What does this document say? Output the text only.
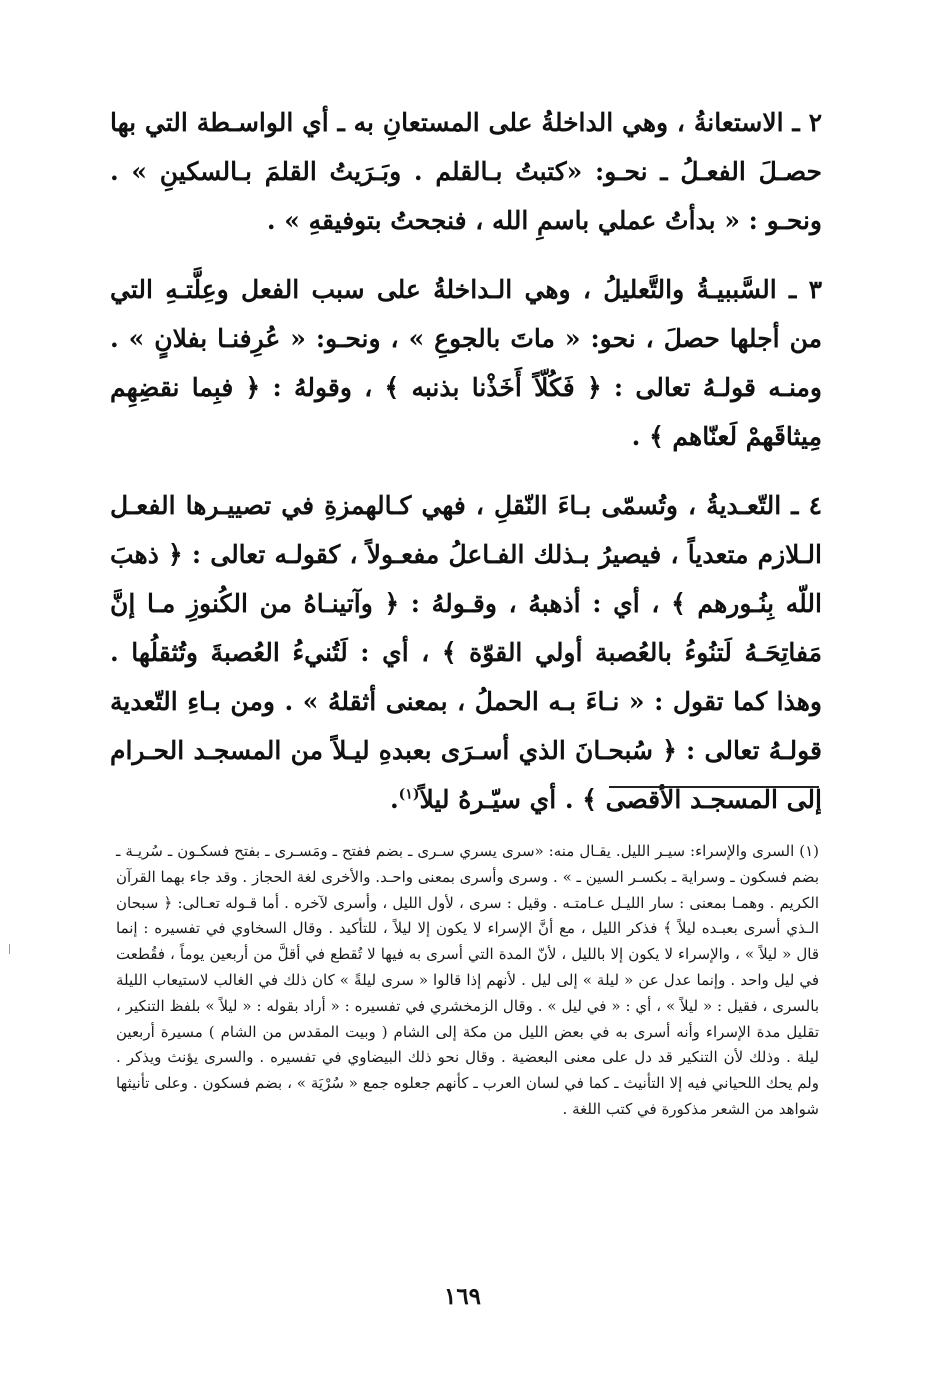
٢ ـ الاستعانةُ ، وهي الداخلةُ على المستعانِ به ـ أي الواسـطة التي بها حصـلَ الفعـلُ ـ نحـو: «كتبتُ بـالقلم . وبَـرَيتُ القلمَ بـالسكينِ » . ونحـو : « بدأتُ عملي باسمِ الله ، فنجحتُ بتوفيقهِ » .

٣ ـ السَّببيـةُ والتَّعليلُ ، وهي الـداخلةُ على سبب الفعل وعِلَّتـهِ التي من أجلها حصلَ ، نحو: « ماتَ بالجوعِ » ، ونحـو: « عُرِفنـا بفلانٍ » . ومنـه قولـهُ تعالى : ﴿ فَكُلّاً أَخَذْنا بذنبه ﴾ ، وقولهُ : ﴿ فبِما نقضِهِم مِيثاقَهمْ لَعنّاهم ﴾ .

٤ ـ التّعـديةُ ، وتُسمّى بـاءَ النّقلِ ، فهي كـالهمزةِ في تصييـرها الفعـل الـلازم متعدياً ، فيصيرُ بـذلك الفـاعلُ مفعـولاً ، كقولـه تعالى : ﴿ ذهبَ اللّه بِنُـورهم ﴾ ، أي : أذهبهُ ، وقـولهُ : ﴿ وآتينـاهُ من الكُنوزِ مـا إنَّ مَفاتِحَـهُ لَتنُوءُ بالعُصبة أولي القوّة ﴾ ، أي : لَتُنيءُ العُصبةَ وتُثقلُها . وهذا كما تقول : « نـاءَ بـه الحملُ ، بمعنى أثقلهُ » . ومن بـاءِ التّعدية قولـهُ تعالى : ﴿ سُبحـانَ الذي أسـرَى بعبدهِ ليـلاً من المسجـد الحـرام إلى المسجـد الأقصى ﴾ . أي سيّـرهُ ليلاً$^{(١)}$.

(١) السرى والإسراء: سيـر الليل. يقـال منه: «سرى يسري سـرى ـ بضم ففتح ـ ومَسـرى ـ بفتح فسكـون ـ سُريـة ـ بضم فسكون ـ وسراية ـ بكسـر السين ـ » . وسرى وأسرى بمعنى واحـد. والأخرى لغة الحجاز . وقد جاء بهما القرآن الكريم . وهمـا بمعنى : سار الليـل عـامتـه . وقيل : سرى ، لأول الليل ، وأسرى لآخره . أما قـوله تعـالى: ﴿ سبحان الـذي أسرى بعبـده ليلاً ﴾ فذكر الليل ، مع أنَّ الإسراء لا يكون إلا ليلاً ، للتأكيد . وقال السخاوي في تفسيره : إنما قال « ليلاً » ، والإسراء لا يكون إلا بالليل ، لأنّ المدة التي أسرى به فيها لا تُقطع في أقلَّ من أربعين يوماً ، فقُطعت في ليل واحد . وإنما عدل عن « ليلة » إلى ليل . لأنهم إذا قالوا « سرى ليلةً » كان ذلك في الغالب لاستيعاب الليلة بالسرى ، فقيل : « ليلاً » ، أي : « في ليل » . وقال الزمخشري في تفسيره : « أراد بقوله : « ليلاً » بلفظ التنكير ، تقليل مدة الإسراء وأنه أسرى به في بعض الليل من مكة إلى الشام ( وبيت المقدس من الشام ) مسيرة أربعين ليلة . وذلك لأن التنكير قد دل على معنى البعضية . وقال نحو ذلك البيضاوي في تفسيره . والسرى يؤنث ويذكر . ولم يحك اللحياني فيه إلا التأنيث ـ كما في لسان العرب ـ كأنهم جعلوه جمع « سُرْيَة » ، بضم فسكون . وعلى تأنيثها شواهد من الشعر مذكورة في كتب اللغة .

١٦٩
